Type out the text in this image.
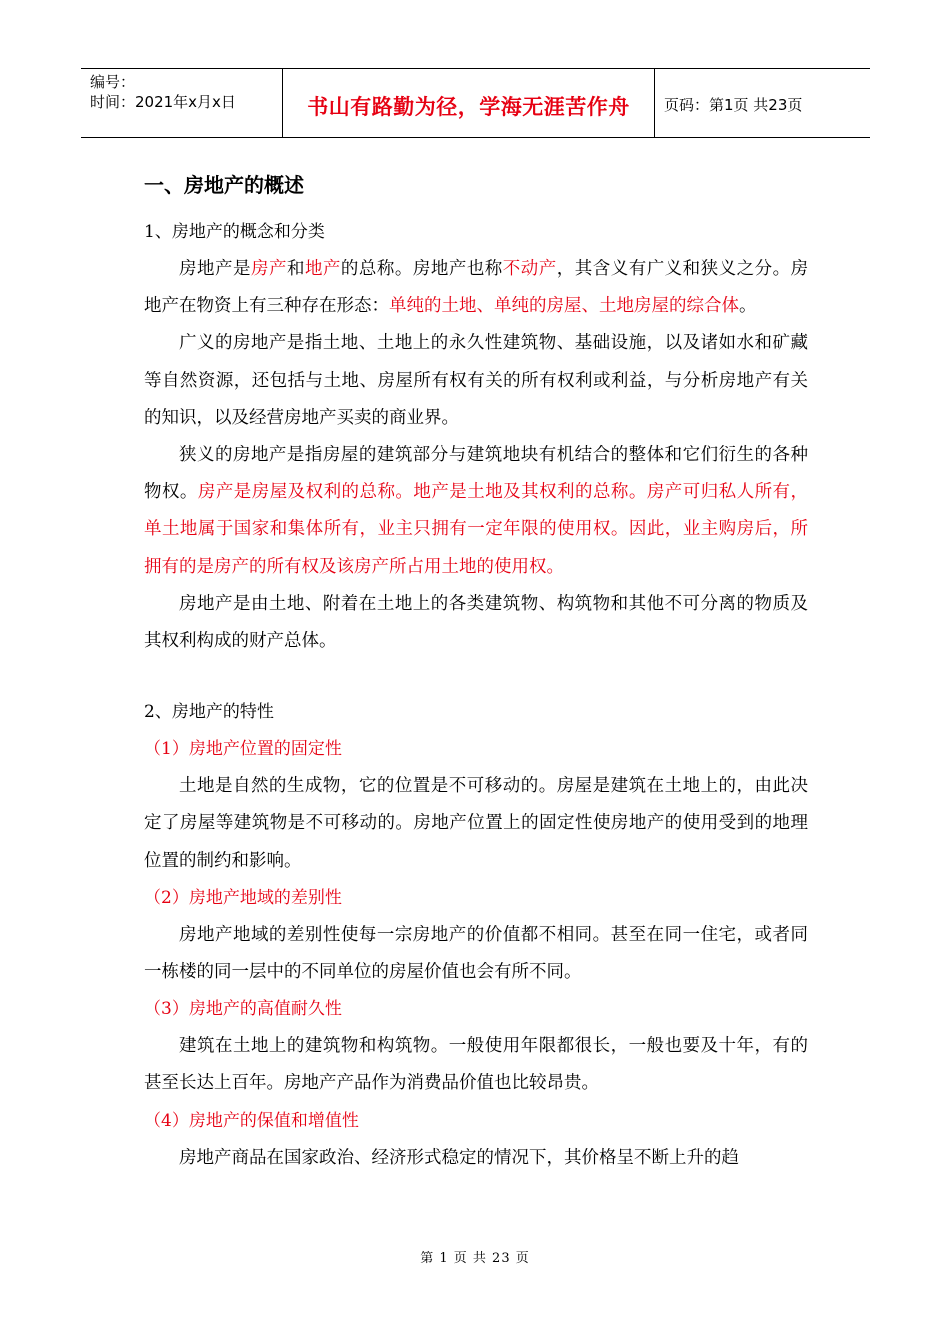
编号：
时间：2021年x月x日	书山有路勤为径，学海无涯苦作舟	页码：第1页 共23页
一、房地产的概述

1、房地产的概念和分类

房地产是房产和地产的总称。房地产也称不动产，其含义有广义和狭义之分。房地产在物资上有三种存在形态：单纯的土地、单纯的房屋、土地房屋的综合体。

广义的房地产是指土地、土地上的永久性建筑物、基础设施，以及诸如水和矿藏等自然资源，还包括与土地、房屋所有权有关的所有权利或利益，与分析房地产有关的知识，以及经营房地产买卖的商业界。

狭义的房地产是指房屋的建筑部分与建筑地块有机结合的整体和它们衍生的各种物权。房产是房屋及权利的总称。地产是土地及其权利的总称。房产可归私人所有，单土地属于国家和集体所有，业主只拥有一定年限的使用权。因此，业主购房后，所拥有的是房产的所有权及该房产所占用土地的使用权。

房地产是由土地、附着在土地上的各类建筑物、构筑物和其他不可分离的物质及其权利构成的财产总体。

2、房地产的特性

（1）房地产位置的固定性

土地是自然的生成物，它的位置是不可移动的。房屋是建筑在土地上的，由此决定了房屋等建筑物是不可移动的。房地产位置上的固定性使房地产的使用受到的地理位置的制约和影响。

（2）房地产地域的差别性

房地产地域的差别性使每一宗房地产的价值都不相同。甚至在同一住宅，或者同一栋楼的同一层中的不同单位的房屋价值也会有所不同。

（3）房地产的高值耐久性

建筑在土地上的建筑物和构筑物。一般使用年限都很长，一般也要及十年，有的甚至长达上百年。房地产产品作为消费品价值也比较昂贵。

（4）房地产的保值和增值性

房地产商品在国家政治、经济形式稳定的情况下，其价格呈不断上升的趋

第 1 页 共 23 页
